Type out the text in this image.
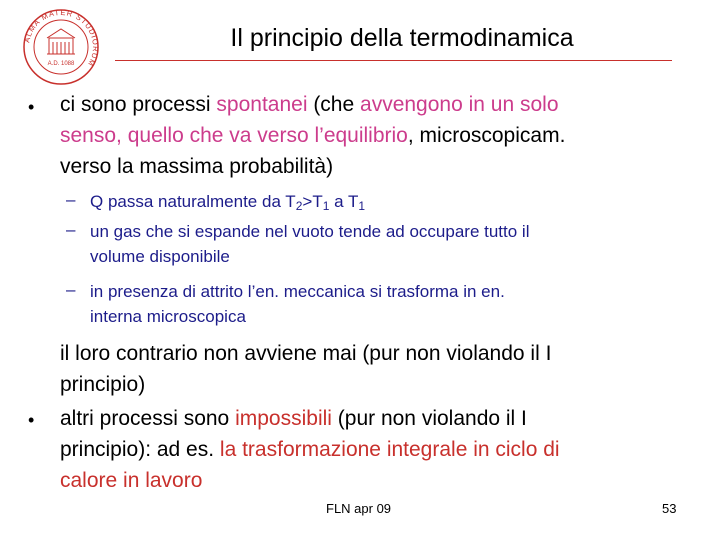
ALMA MATER STUDIORUM
A.D. 1088
Il principio della termodinamica
• ci sono processi spontanei (che avvengono in un solo
senso, quello che va verso l’equilibrio, microscopicam.
verso la massima probabilità)
– Q passa naturalmente da $T_2>T_1$ a $T_1$
– un gas che si espande nel vuoto tende ad occupare tutto il
volume disponibile
– in presenza di attrito l’en. meccanica si trasforma in en.
interna microscopica
il loro contrario non avviene mai (pur non violando il I
principio)
• altri processi sono impossibili (pur non violando il I
principio): ad es. la trasformazione integrale in ciclo di
calore in lavoro
FLN apr 09	53
